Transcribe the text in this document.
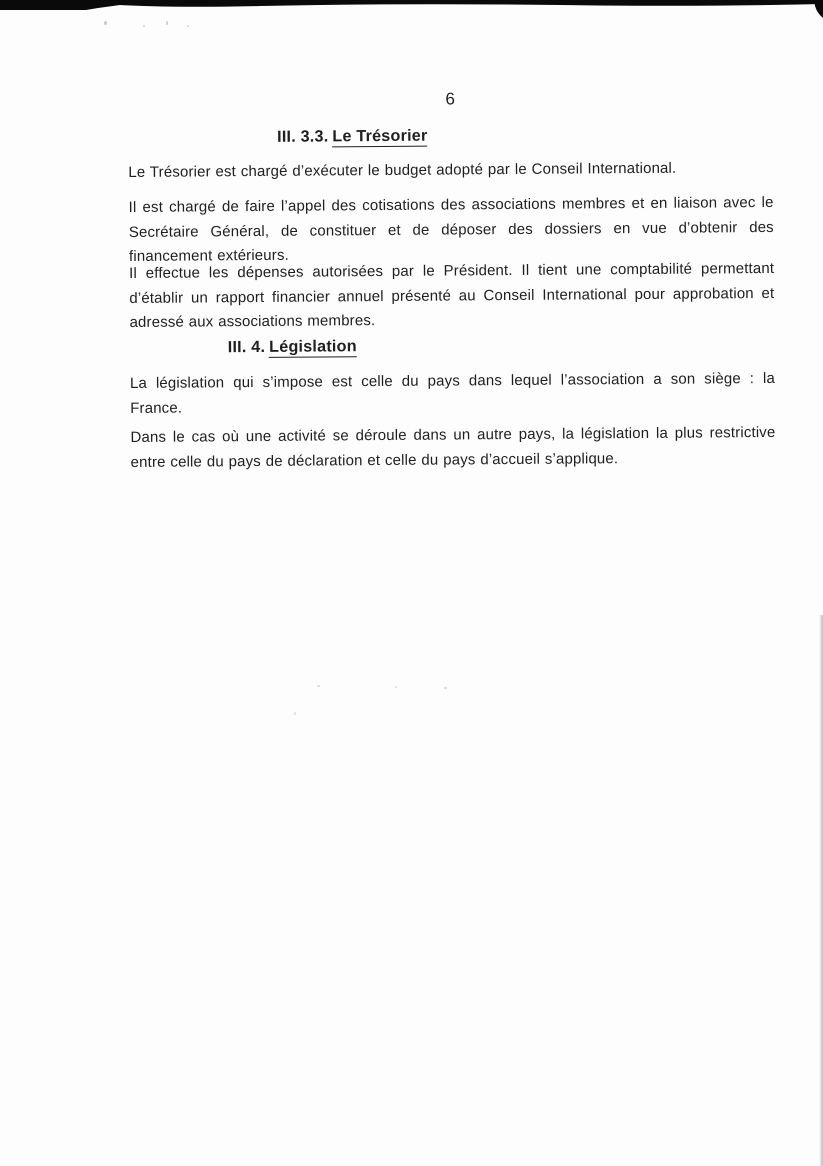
6
III. 3.3. Le Trésorier
Le Trésorier est chargé d’exécuter le budget adopté par le Conseil International.
Il est chargé de faire l’appel des cotisations des associations membres et en liaison avec le
Secrétaire Général, de constituer et de déposer des dossiers en vue d’obtenir des
financement extérieurs.
Il effectue les dépenses autorisées par le Président. Il tient une comptabilité permettant
d’établir un rapport financier annuel présenté au Conseil International pour approbation et
adressé aux associations membres.
III. 4. Législation
La législation qui s’impose est celle du pays dans lequel l’association a son siège : la
France.
Dans le cas où une activité se déroule dans un autre pays, la législation la plus restrictive
entre celle du pays de déclaration et celle du pays d’accueil s’applique.
